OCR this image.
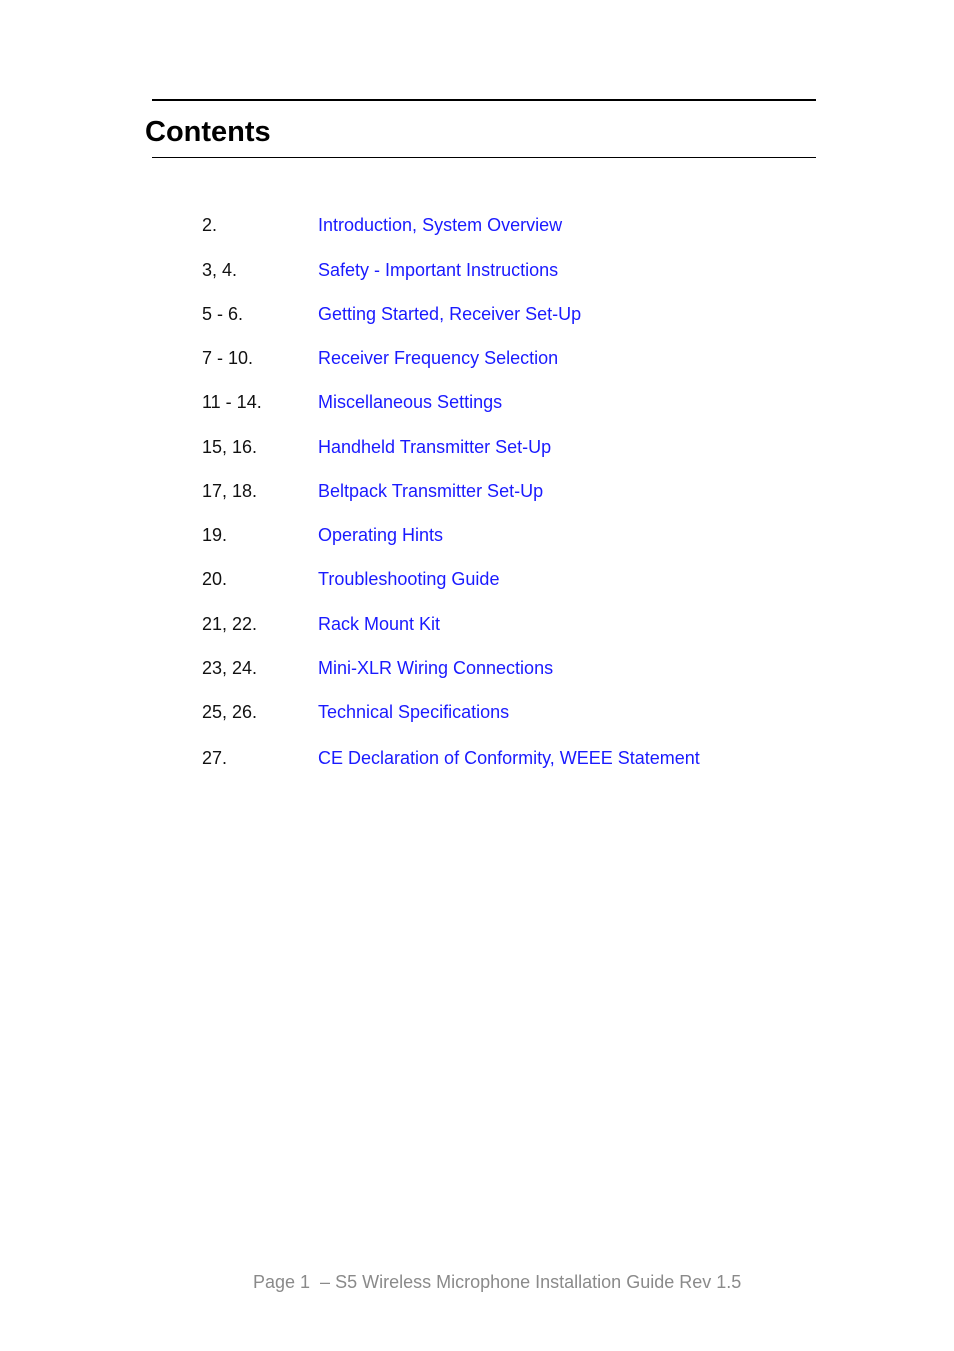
Contents
2.	Introduction, System Overview
3, 4.	Safety - Important Instructions
5 - 6.	Getting Started, Receiver Set-Up
7 - 10.	Receiver Frequency Selection
11 - 14.	Miscellaneous Settings
15, 16.	Handheld Transmitter Set-Up
17, 18.	Beltpack Transmitter Set-Up
19.	Operating Hints
20.	Troubleshooting Guide
21, 22.	Rack Mount Kit
23, 24.	Mini-XLR Wiring Connections
25, 26.	Technical Specifications
27.	CE Declaration of Conformity, WEEE Statement
Page 1  – S5 Wireless Microphone Installation Guide Rev 1.5
